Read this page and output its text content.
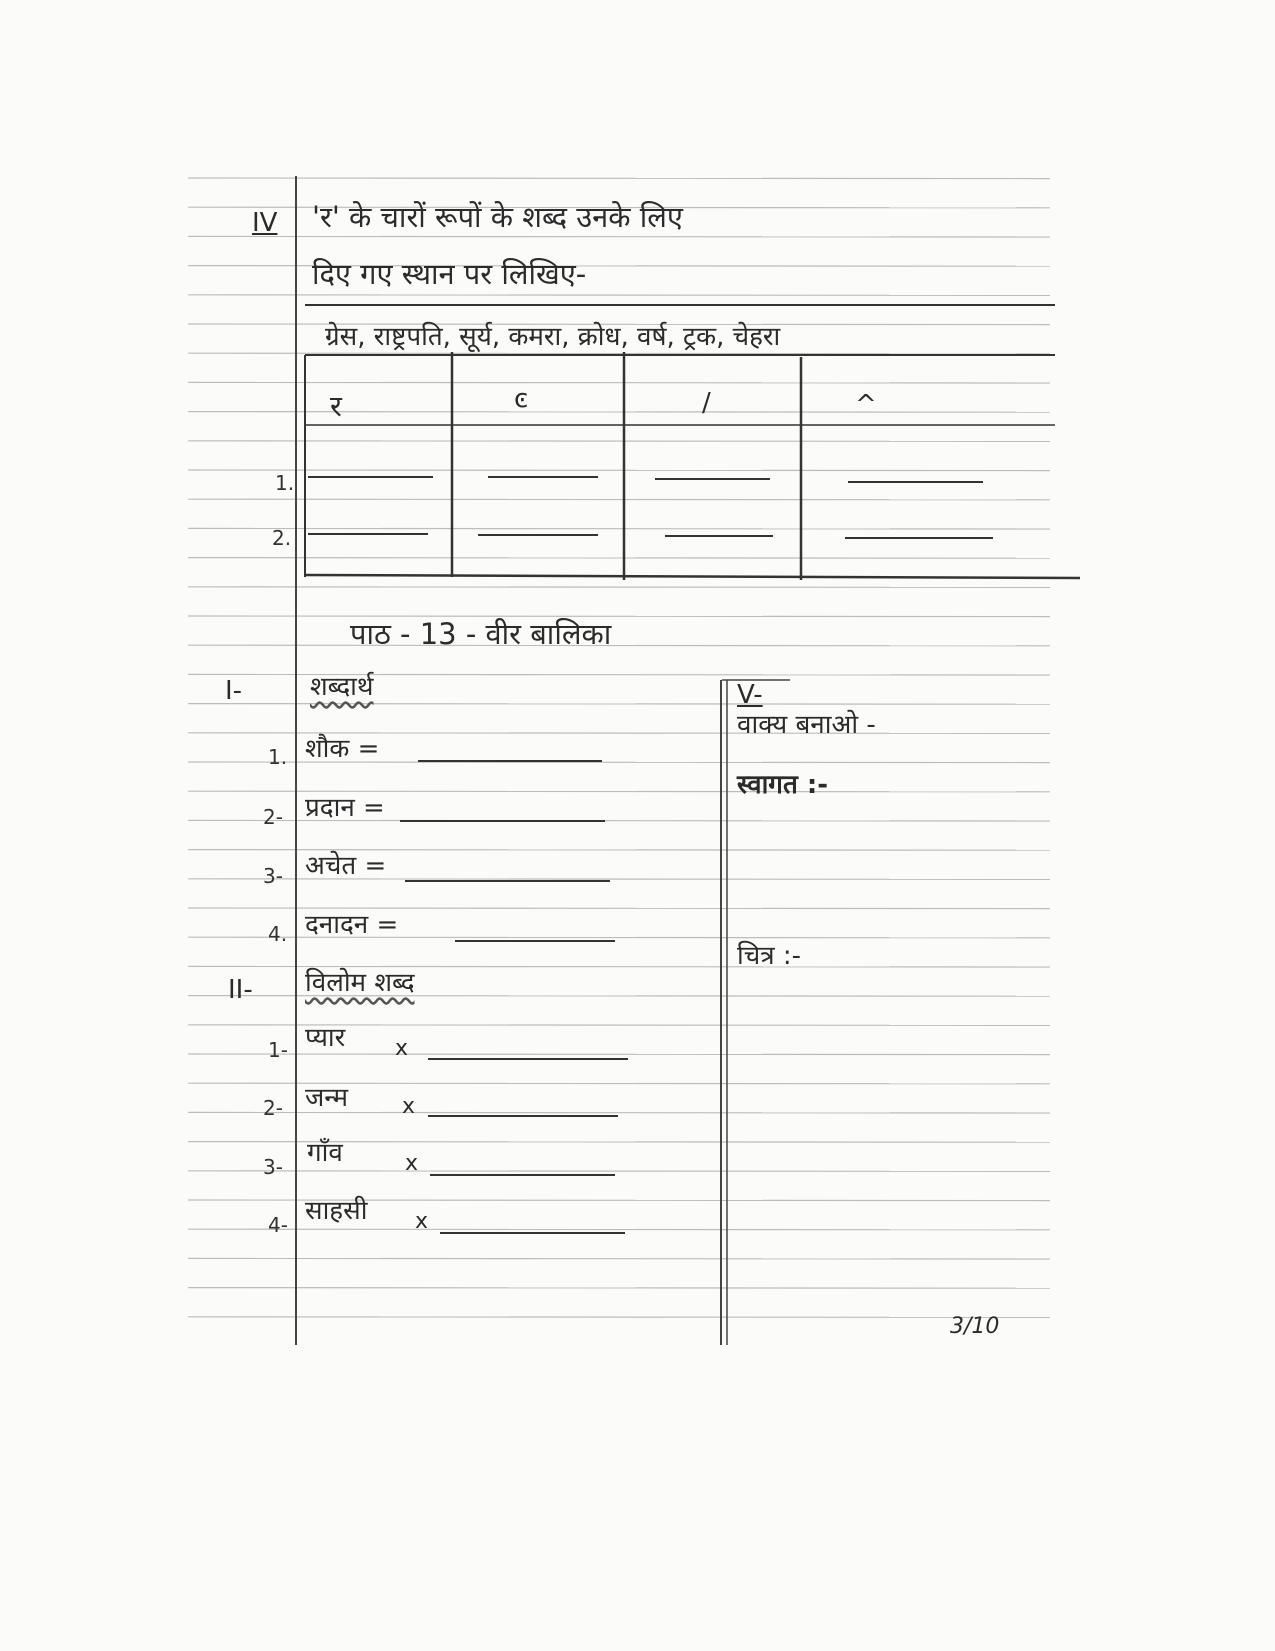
IV 'र' के चारों रूपों के शब्द उनके लिए
दिए गए स्थान पर लिखिए-
ग्रेस, राष्ट्रपति, सूर्य, कमरा, क्रोध, वर्ष, ट्रक, चेहरा
र	ͼ	/	^
1.
2.
पाठ - 13 - वीर बालिका
I-	शब्दार्थ
1. शौक =
2- प्रदान =
3- अचेत =
4. दनादन =
II- विलोम शब्द
1- प्यार x
2- जन्म x
3- गाँव	x
4- साहसी x
V-
वाक्य बनाओ -
स्वागत :-
चित्र :-
3/10
